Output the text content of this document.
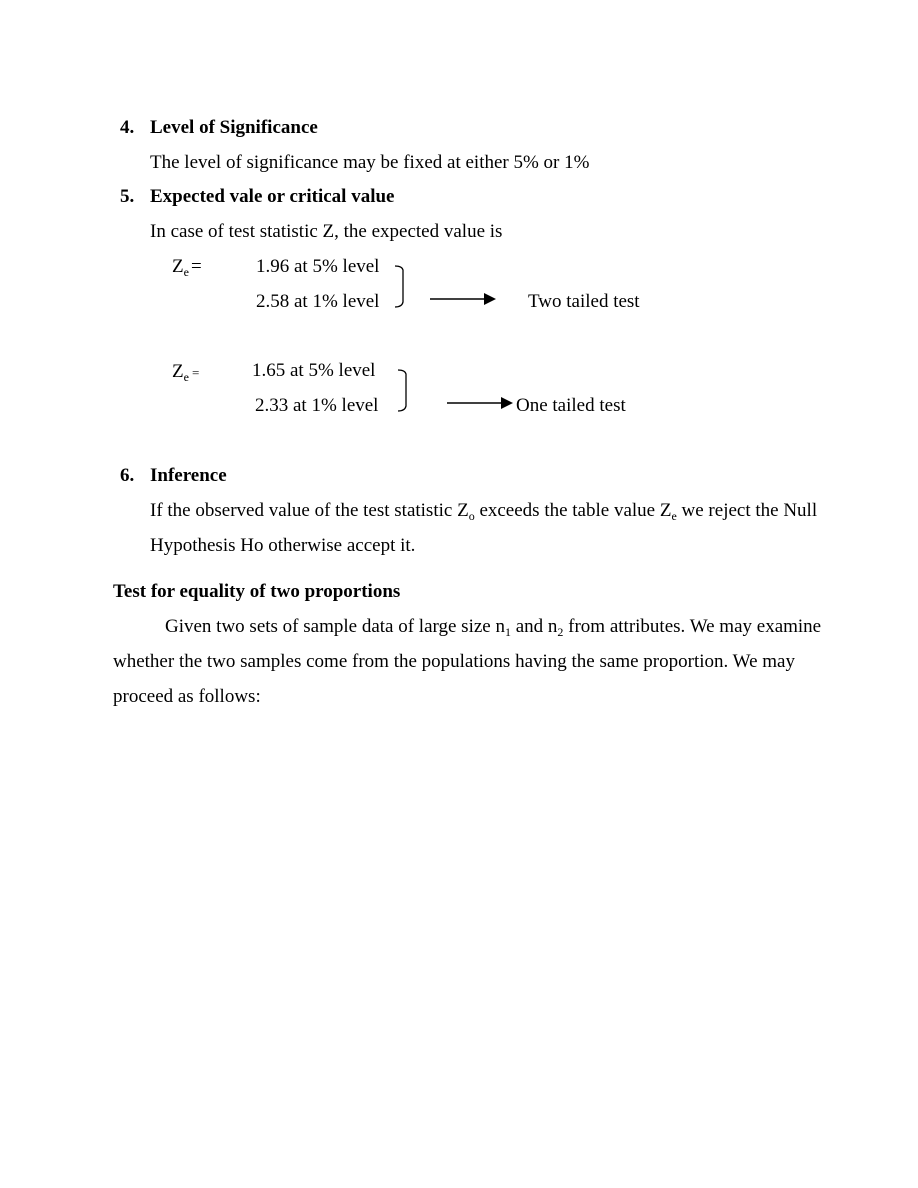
4. Level of Significance
The level of significance may be fixed at either 5% or 1%
5. Expected vale or critical value
In case of test statistic Z, the expected value is
$Z_e$ =	1.96 at 5% level
2.58 at 1% level	Two tailed test
$Z_e$ =	1.65 at 5% level
2.33 at 1% level	One tailed test
6. Inference
If the observed value of the test statistic $Z_o$ exceeds the table value $Z_e$ we reject the Null
Hypothesis Ho otherwise accept it.
Test for equality of two proportions
Given two sets of sample data of large size $n_1$ and $n_2$ from attributes. We may examine
whether the two samples come from the populations having the same proportion. We may
proceed as follows:
